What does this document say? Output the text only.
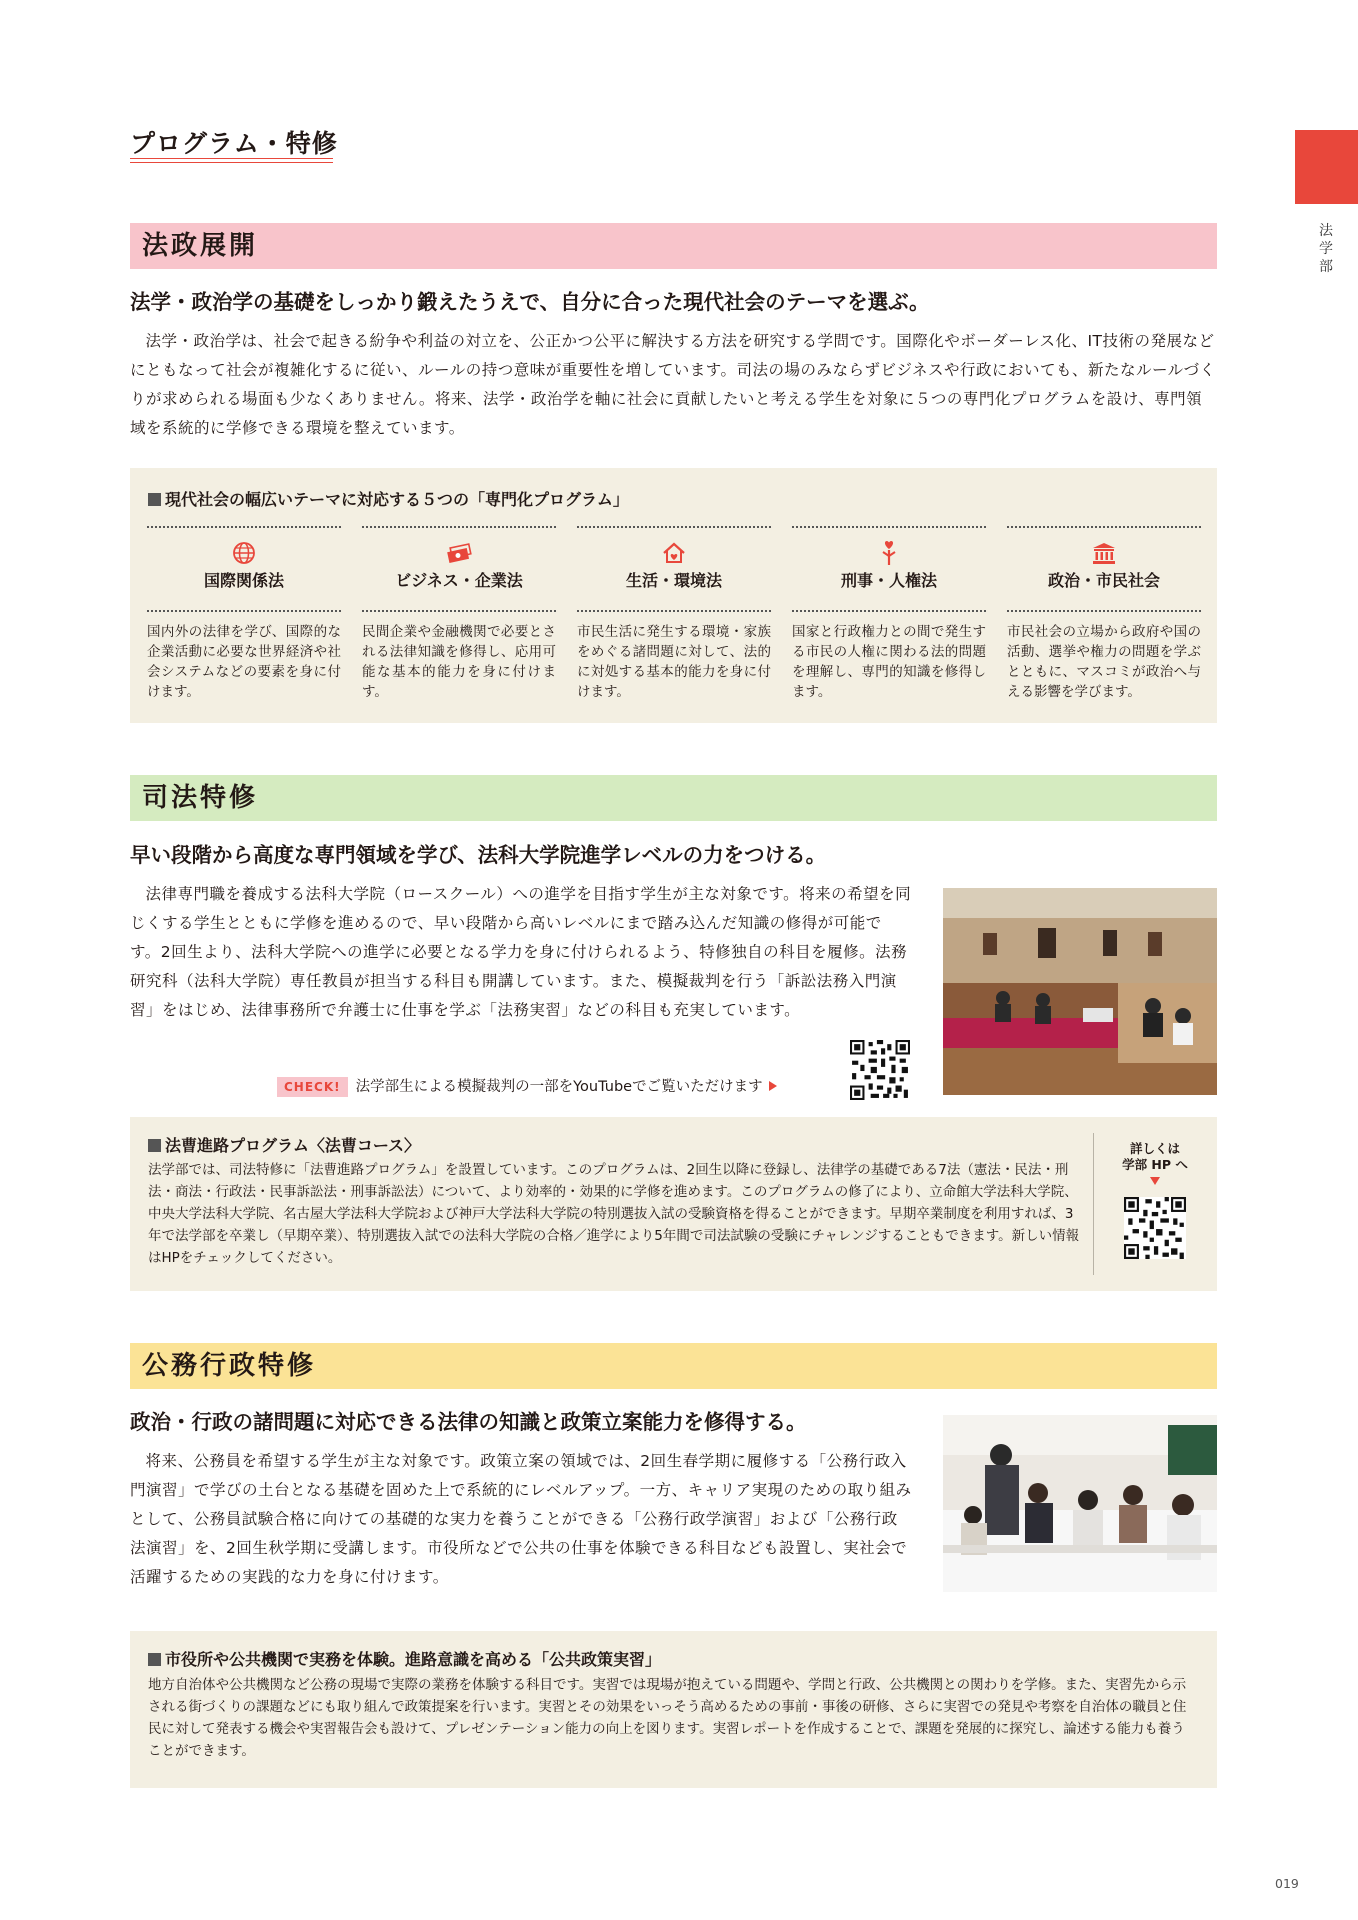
法学部
プログラム・特修
法政展開
法学・政治学の基礎をしっかり鍛えたうえで、自分に合った現代社会のテーマを選ぶ。
法学・政治学は、社会で起きる紛争や利益の対立を、公正かつ公平に解決する方法を研究する学問です。国際化やボーダーレス化、IT技術の発展などにともなって社会が複雑化するに従い、ルールの持つ意味が重要性を増しています。司法の場のみならずビジネスや行政においても、新たなルールづくりが求められる場面も少なくありません。将来、法学・政治学を軸に社会に貢献したいと考える学生を対象に５つの専門化プログラムを設け、専門領域を系統的に学修できる環境を整えています。
現代社会の幅広いテーマに対応する５つの「専門化プログラム」
国際関係法
国内外の法律を学び、国際的な企業活動に必要な世界経済や社会システムなどの要素を身に付けます。
ビジネス・企業法
民間企業や金融機関で必要とされる法律知識を修得し、応用可能な基本的能力を身に付けます。
生活・環境法
市民生活に発生する環境・家族をめぐる諸問題に対して、法的に対処する基本的能力を身に付けます。
刑事・人権法
国家と行政権力との間で発生する市民の人権に関わる法的問題を理解し、専門的知識を修得します。
政治・市民社会
市民社会の立場から政府や国の活動、選挙や権力の問題を学ぶとともに、マスコミが政治へ与える影響を学びます。
司法特修
早い段階から高度な専門領域を学び、法科大学院進学レベルの力をつける。
法律専門職を養成する法科大学院（ロースクール）への進学を目指す学生が主な対象です。将来の希望を同じくする学生とともに学修を進めるので、早い段階から高いレベルにまで踏み込んだ知識の修得が可能です。2回生より、法科大学院への進学に必要となる学力を身に付けられるよう、特修独自の科目を履修。法務研究科（法科大学院）専任教員が担当する科目も開講しています。また、模擬裁判を行う「訴訟法務入門演習」をはじめ、法律事務所で弁護士に仕事を学ぶ「法務実習」などの科目も充実しています。
CHECK! 法学部生による模擬裁判の一部をYouTubeでご覧いただけます
法曹進路プログラム〈法曹コース〉
法学部では、司法特修に「法曹進路プログラム」を設置しています。このプログラムは、2回生以降に登録し、法律学の基礎である7法（憲法・民法・刑法・商法・行政法・民事訴訟法・刑事訴訟法）について、より効率的・効果的に学修を進めます。このプログラムの修了により、立命館大学法科大学院、中央大学法科大学院、名古屋大学法科大学院および神戸大学法科大学院の特別選抜入試の受験資格を得ることができます。早期卒業制度を利用すれば、3年で法学部を卒業し（早期卒業）、特別選抜入試での法科大学院の合格／進学により5年間で司法試験の受験にチャレンジすることもできます。新しい情報はHPをチェックしてください。
詳しくは
学部 HP へ
公務行政特修
政治・行政の諸問題に対応できる法律の知識と政策立案能力を修得する。
将来、公務員を希望する学生が主な対象です。政策立案の領域では、2回生春学期に履修する「公務行政入門演習」で学びの土台となる基礎を固めた上で系統的にレベルアップ。一方、キャリア実現のための取り組みとして、公務員試験合格に向けての基礎的な実力を養うことができる「公務行政学演習」および「公務行政法演習」を、2回生秋学期に受講します。市役所などで公共の仕事を体験できる科目なども設置し、実社会で活躍するための実践的な力を身に付けます。
市役所や公共機関で実務を体験。進路意識を高める「公共政策実習」
地方自治体や公共機関など公務の現場で実際の業務を体験する科目です。実習では現場が抱えている問題や、学問と行政、公共機関との関わりを学修。また、実習先から示される街づくりの課題などにも取り組んで政策提案を行います。実習とその効果をいっそう高めるための事前・事後の研修、さらに実習での発見や考察を自治体の職員と住民に対して発表する機会や実習報告会も設けて、プレゼンテーション能力の向上を図ります。実習レポートを作成することで、課題を発展的に探究し、論述する能力も養うことができます。
019
